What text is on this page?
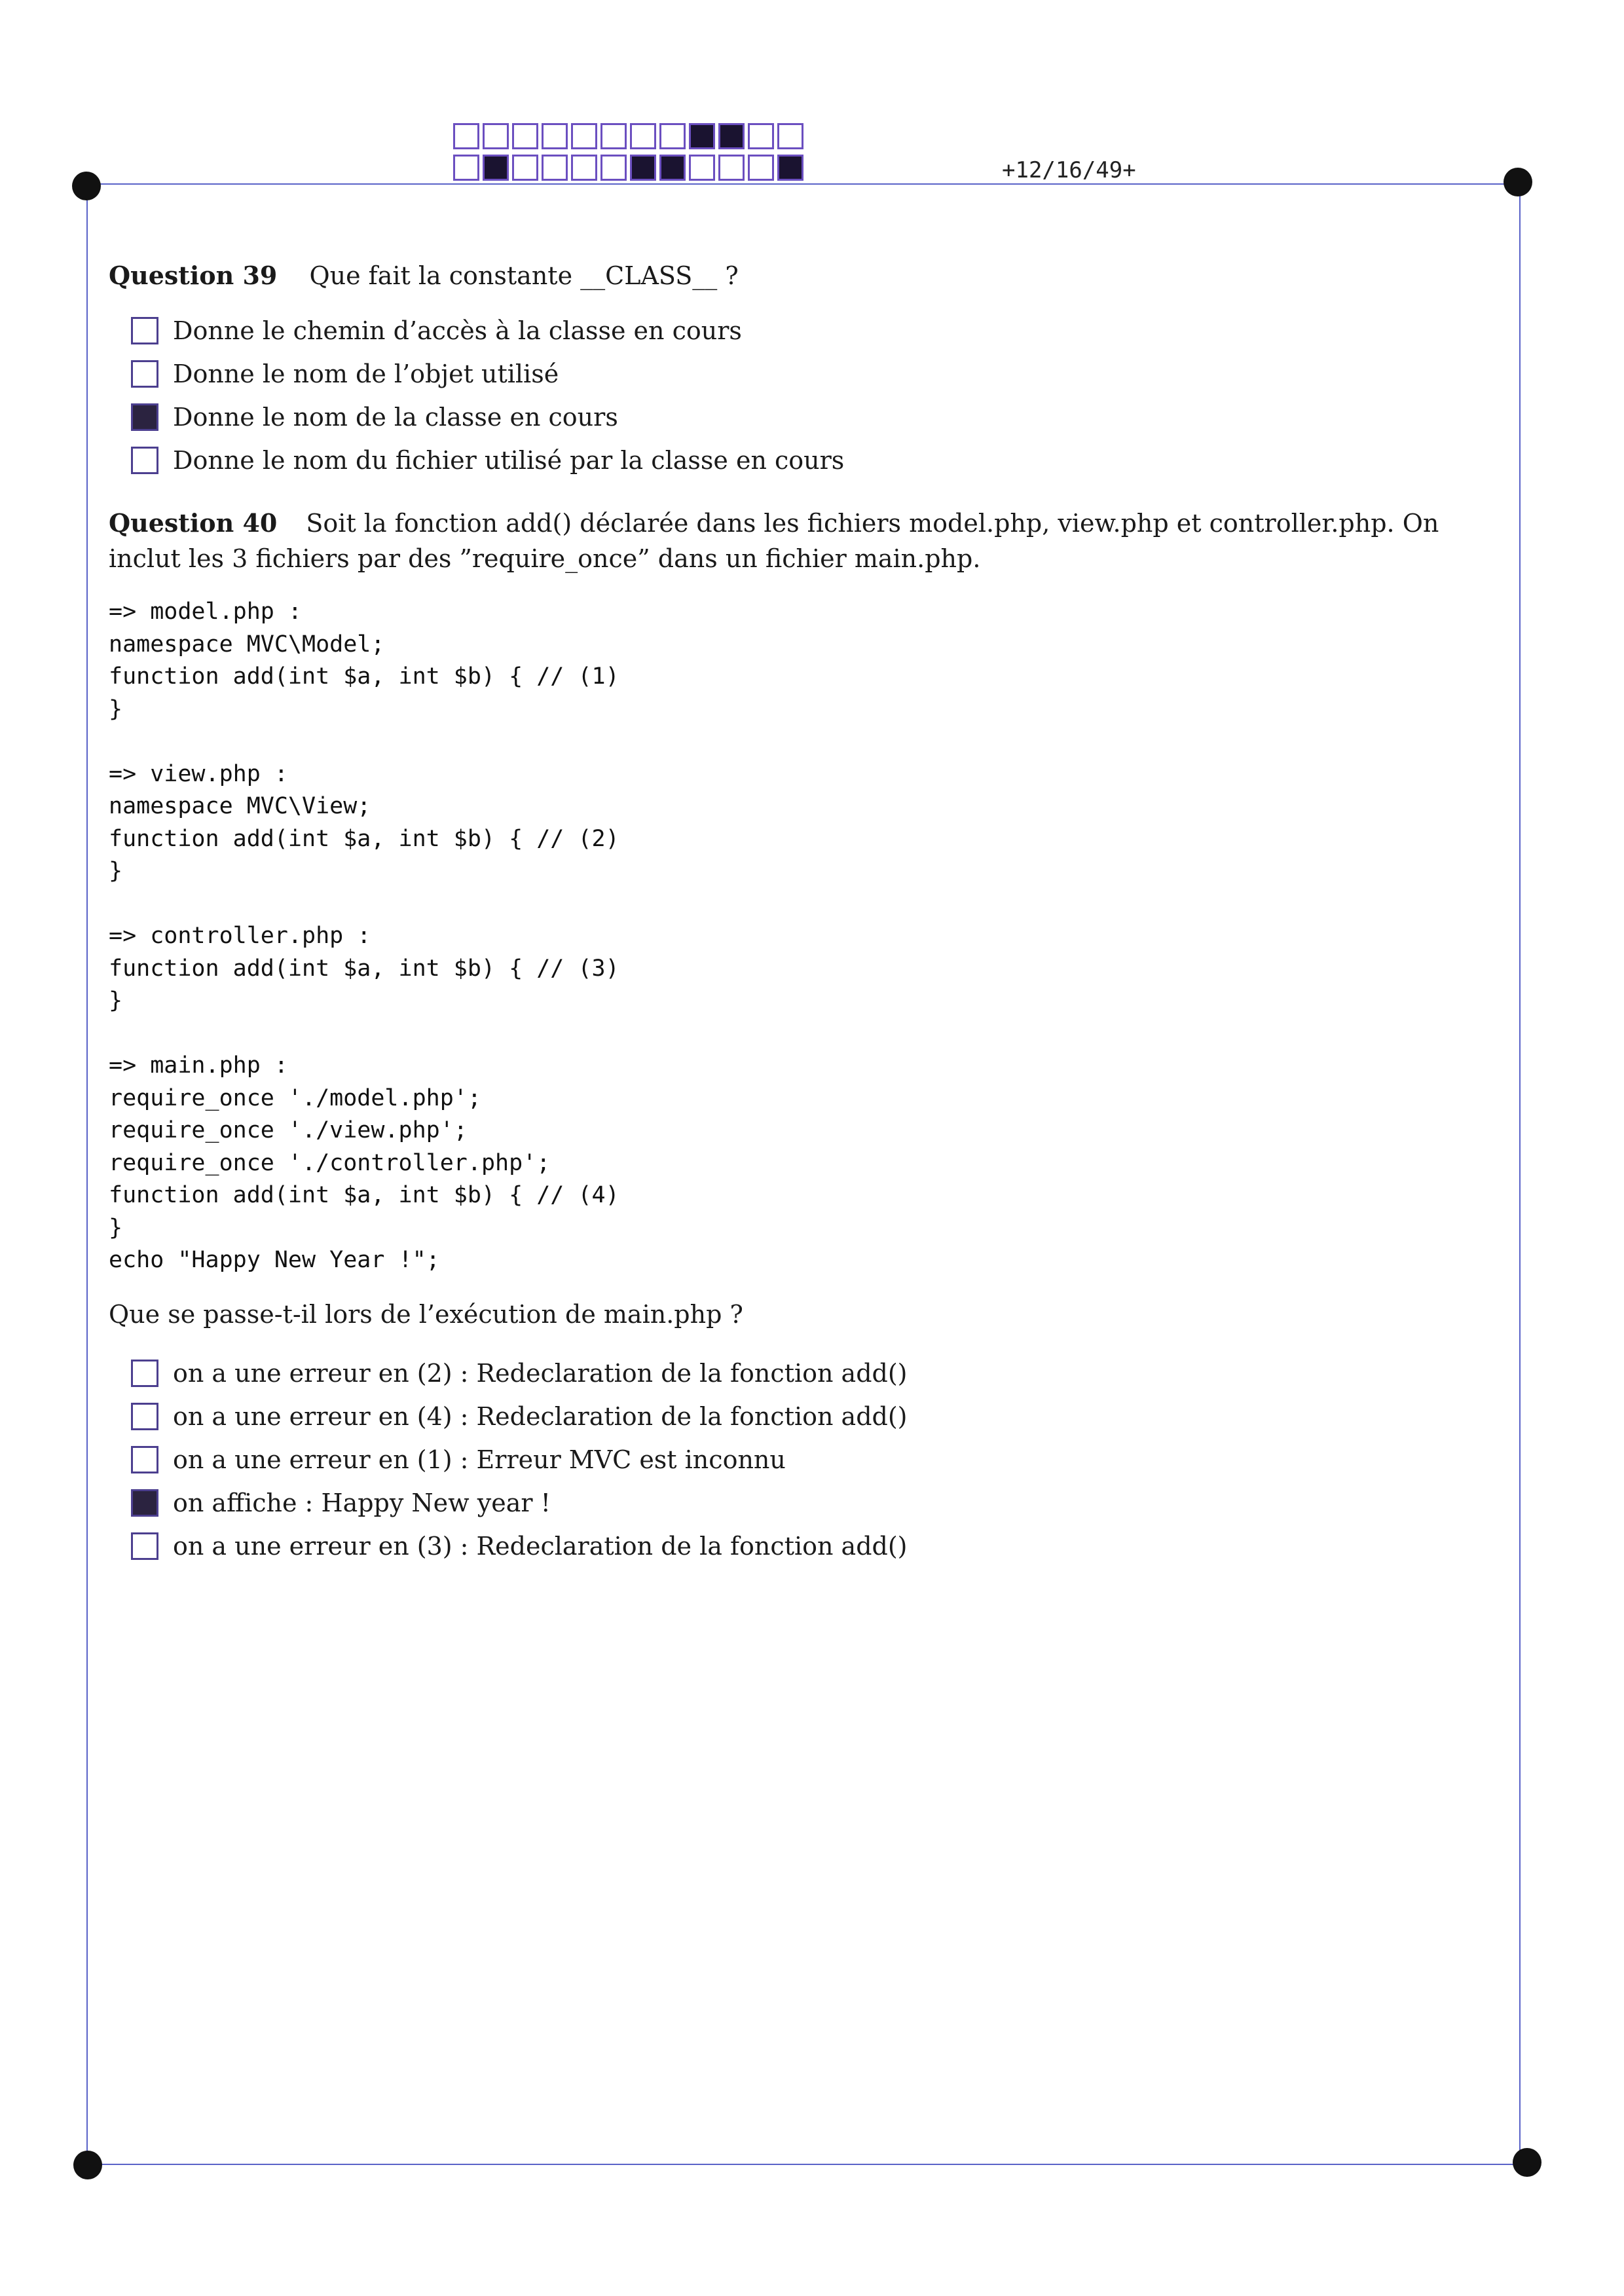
+12/16/49+
Question 39 Que fait la constante __CLASS__ ?
Donne le chemin d’accès à la classe en cours
Donne le nom de l’objet utilisé
Donne le nom de la classe en cours
Donne le nom du fichier utilisé par la classe en cours
Question 40 Soit la fonction add() déclarée dans les fichiers model.php, view.php et controller.php. On inclut les 3 fichiers par des ”require_once” dans un fichier main.php.
=> model.php :
namespace MVC\Model;
function add(int $a, int $b) { // (1)
}

=> view.php :
namespace MVC\View;
function add(int $a, int $b) { // (2)
}

=> controller.php :
function add(int $a, int $b) { // (3)
}

=> main.php :
require_once './model.php';
require_once './view.php';
require_once './controller.php';
function add(int $a, int $b) { // (4)
}
echo "Happy New Year !";
Que se passe-t-il lors de l’exécution de main.php ?
on a une erreur en (2) : Redeclaration de la fonction add()
on a une erreur en (4) : Redeclaration de la fonction add()
on a une erreur en (1) : Erreur MVC est inconnu
on affiche : Happy New year !
on a une erreur en (3) : Redeclaration de la fonction add()
